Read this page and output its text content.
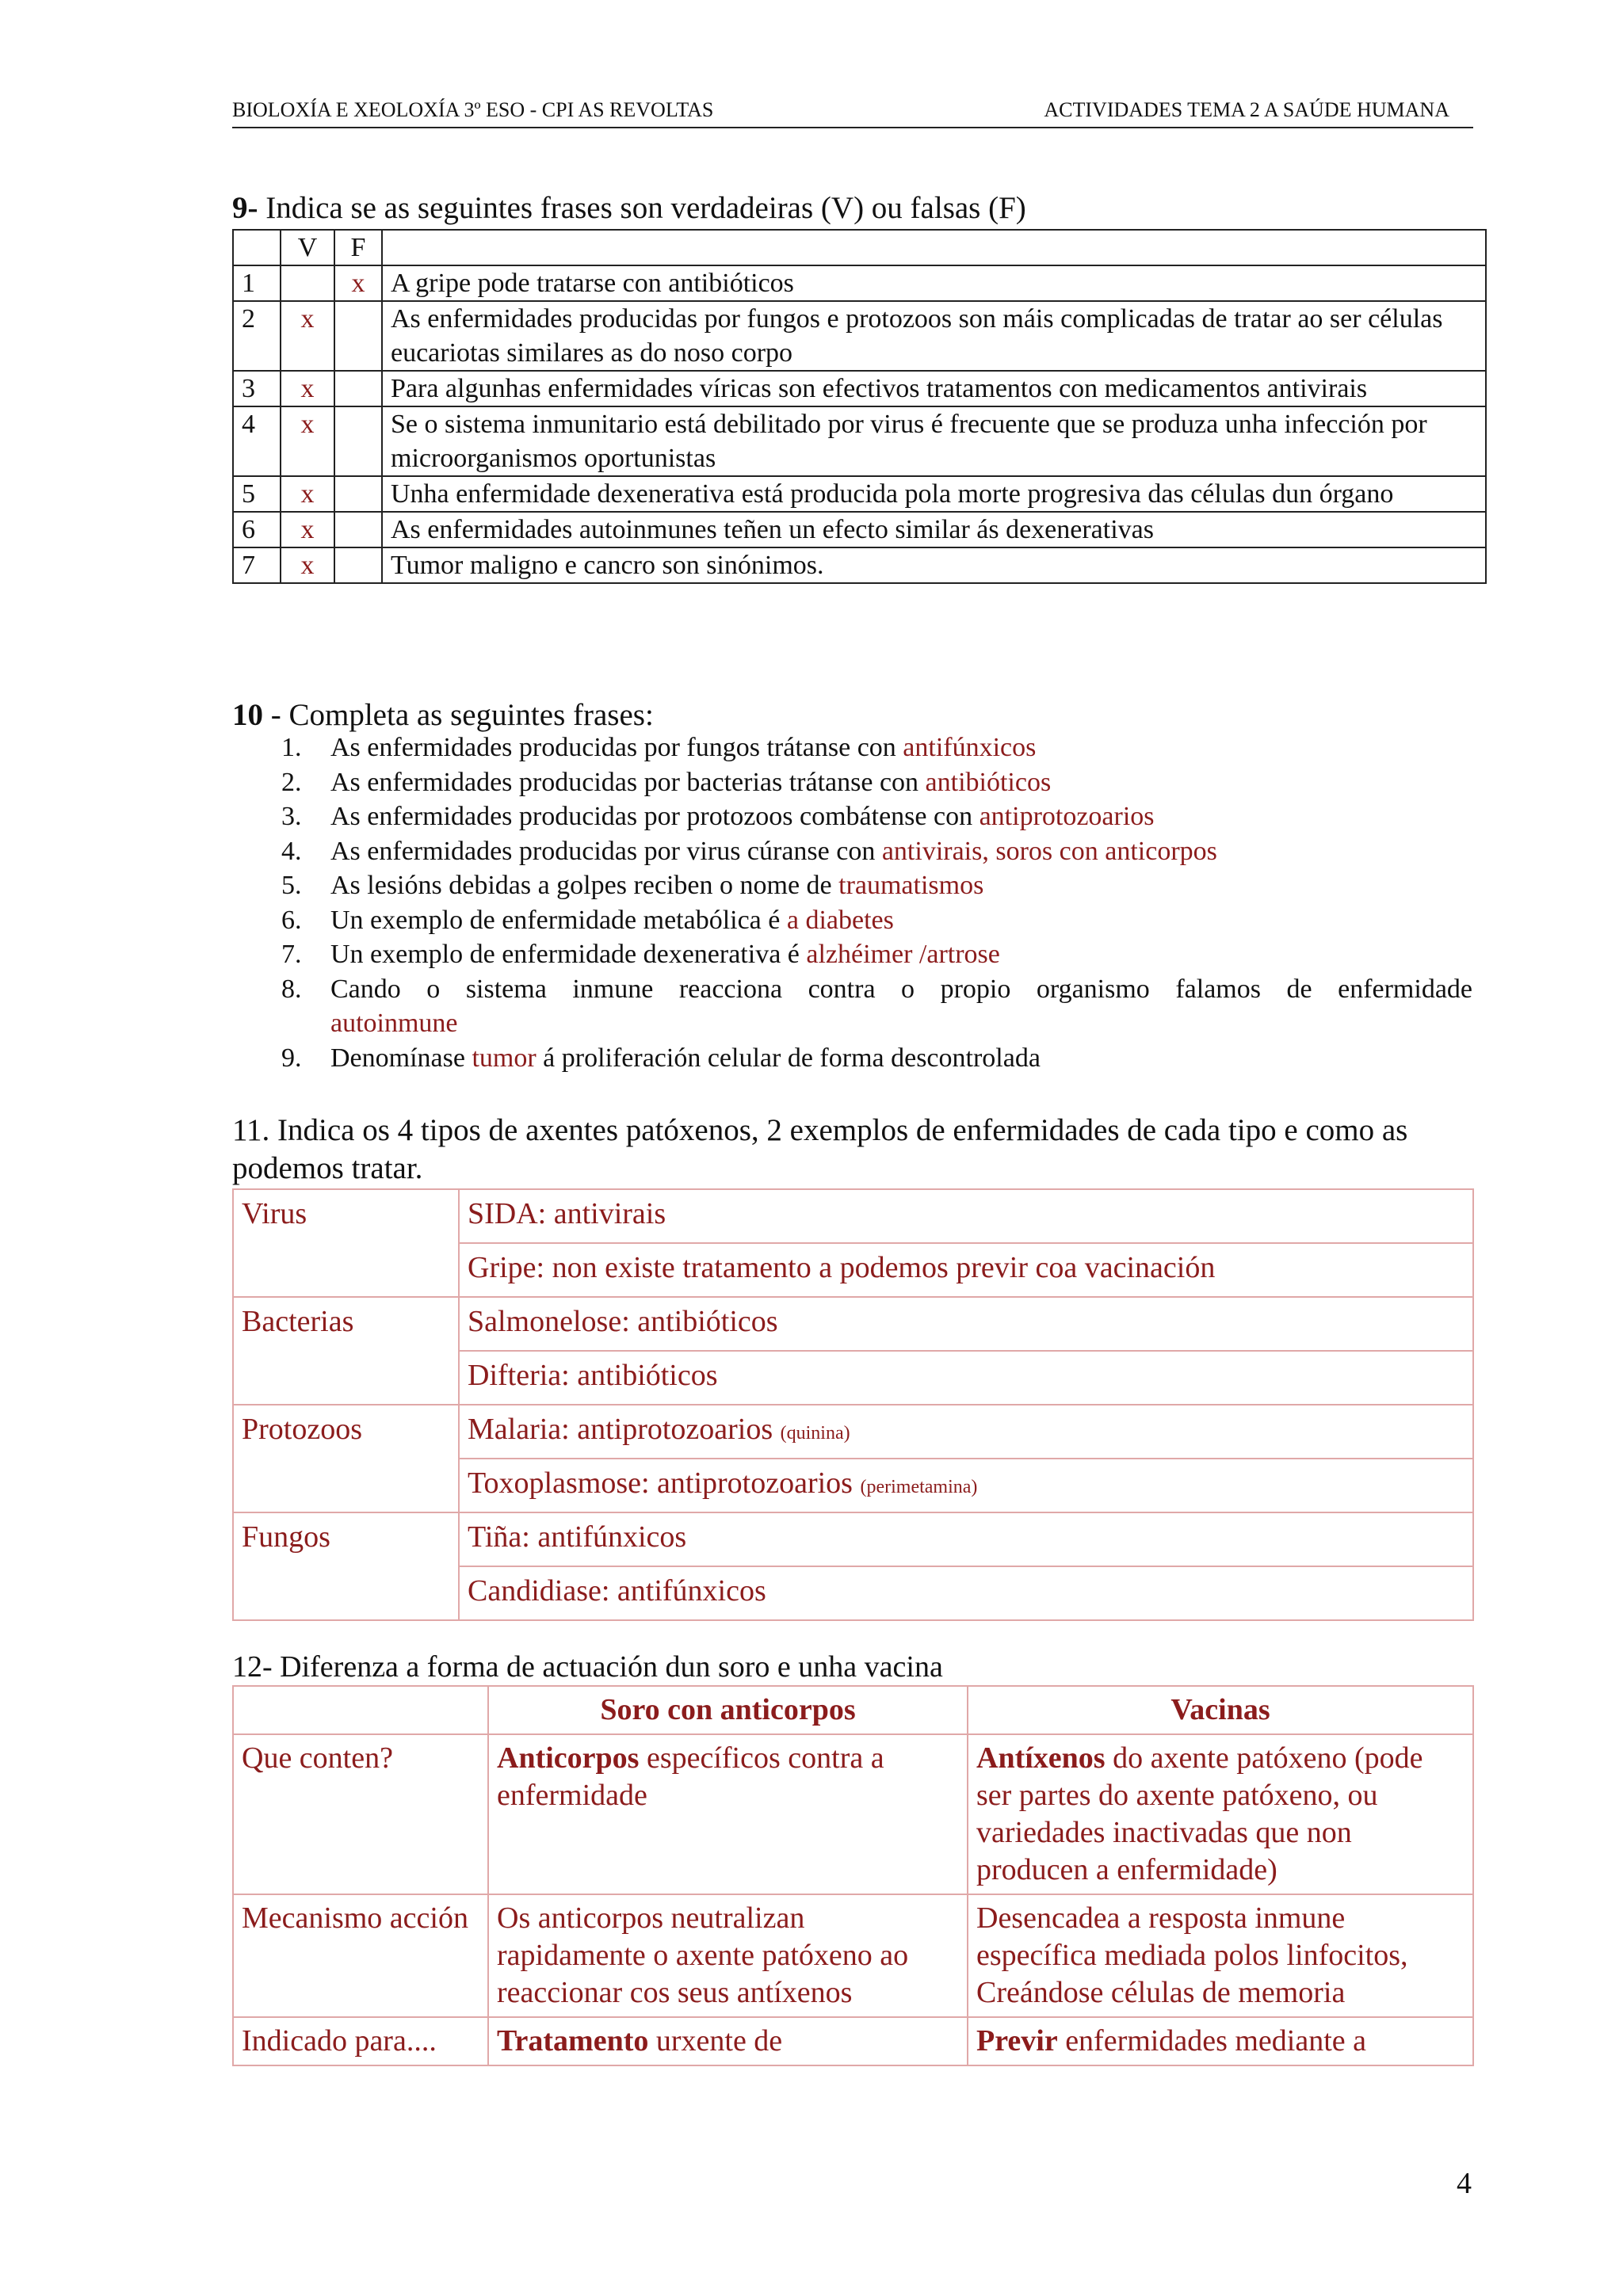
BIOLOXÍA E XEOLOXÍA 3º ESO - CPI AS REVOLTAS	ACTIVIDADES TEMA 2 A SAÚDE HUMANA
9- Indica se as seguintes frases son verdadeiras (V) ou falsas (F)
	V	F	
1		x	A gripe pode tratarse con antibióticos
2	x		As enfermidades producidas por fungos e protozoos son máis complicadas de tratar ao ser células eucariotas similares as do noso corpo
3	x		Para algunhas enfermidades víricas son efectivos tratamentos con medicamentos antivirais
4	x		Se o sistema inmunitario está debilitado por virus é frecuente que se produza unha infección por microorganismos oportunistas
5	x		Unha enfermidade dexenerativa está producida pola morte progresiva das células dun órgano
6	x		As enfermidades autoinmunes teñen un efecto similar ás dexenerativas
7	x		Tumor maligno e cancro son sinónimos.
10 - Completa as seguintes frases:
1. As enfermidades producidas por fungos trátanse con antifúnxicos
2. As enfermidades producidas por bacterias trátanse con antibióticos
3. As enfermidades producidas por protozoos combátense con antiprotozoarios
4. As enfermidades producidas por virus cúranse con antivirais, soros con anticorpos
5. As lesións debidas a golpes reciben o nome de traumatismos
6. Un exemplo de enfermidade metabólica é a diabetes
7. Un exemplo de enfermidade dexenerativa é alzhéimer /artrose
8. Cando o sistema inmune reacciona contra o propio organismo falamos de enfermidade
autoinmune
9. Denomínase tumor á proliferación celular de forma descontrolada
11. Indica os 4 tipos de axentes patóxenos, 2 exemplos de enfermidades de cada tipo e como as podemos tratar.
Virus	SIDA: antivirais
	Gripe: non existe tratamento a podemos previr coa vacinación
Bacterias	Salmonelose: antibióticos
	Difteria: antibióticos
Protozoos	Malaria: antiprotozoarios (quinina)
	Toxoplasmose: antiprotozoarios (perimetamina)
Fungos	Tiña: antifúnxicos
	Candidiase: antifúnxicos
12- Diferenza a forma de actuación dun soro e unha vacina
	Soro con anticorpos	Vacinas
Que conten?	Anticorpos específicos contra a enfermidade	Antíxenos do axente patóxeno (pode ser partes do axente patóxeno, ou variedades inactivadas que non producen a enfermidade)
Mecanismo acción	Os anticorpos neutralizan rapidamente o axente patóxeno ao reaccionar cos seus antíxenos	Desencadea a resposta inmune específica mediada polos linfocitos, Creándose células de memoria
Indicado para....	Tratamento urxente de	Previr enfermidades mediante a
4
